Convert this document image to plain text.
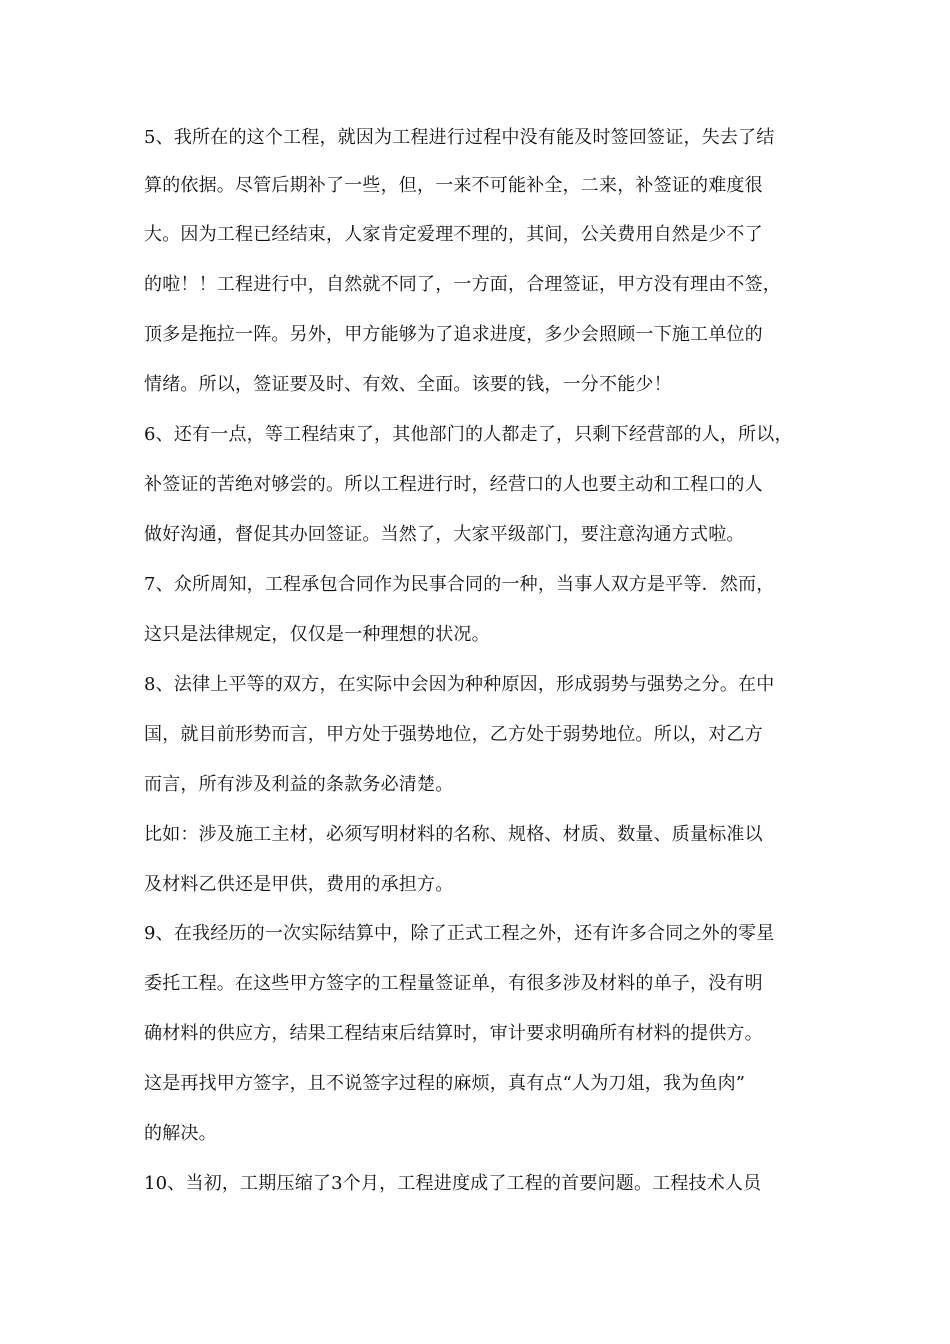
5、我所在的这个工程，就因为工程进行过程中没有能及时签回签证，失去了结
算的依据。尽管后期补了一些，但，一来不可能补全，二来，补签证的难度很
大。因为工程已经结束，人家肯定爱理不理的，其间，公关费用自然是少不了
的啦！！工程进行中，自然就不同了，一方面，合理签证，甲方没有理由不签，
顶多是拖拉一阵。另外，甲方能够为了追求进度，多少会照顾一下施工单位的
情绪。所以，签证要及时、有效、全面。该要的钱，一分不能少！
6、还有一点，等工程结束了，其他部门的人都走了，只剩下经营部的人，所以，
补签证的苦绝对够尝的。所以工程进行时，经营口的人也要主动和工程口的人
做好沟通，督促其办回签证。当然了，大家平级部门，要注意沟通方式啦。
7、众所周知，工程承包合同作为民事合同的一种，当事人双方是平等．然而，
这只是法律规定，仅仅是一种理想的状况。
8、法律上平等的双方，在实际中会因为种种原因，形成弱势与强势之分。在中
国，就目前形势而言，甲方处于强势地位，乙方处于弱势地位。所以，对乙方
而言，所有涉及利益的条款务必清楚。
比如：涉及施工主材，必须写明材料的名称、规格、材质、数量、质量标准以
及材料乙供还是甲供，费用的承担方。
9、在我经历的一次实际结算中，除了正式工程之外，还有许多合同之外的零星
委托工程。在这些甲方签字的工程量签证单，有很多涉及材料的单子，没有明
确材料的供应方，结果工程结束后结算时，审计要求明确所有材料的提供方。
这是再找甲方签字，且不说签字过程的麻烦，真有点“人为刀俎，我为鱼肉”
的解决。
10、当初，工期压缩了3个月，工程进度成了工程的首要问题。工程技术人员
